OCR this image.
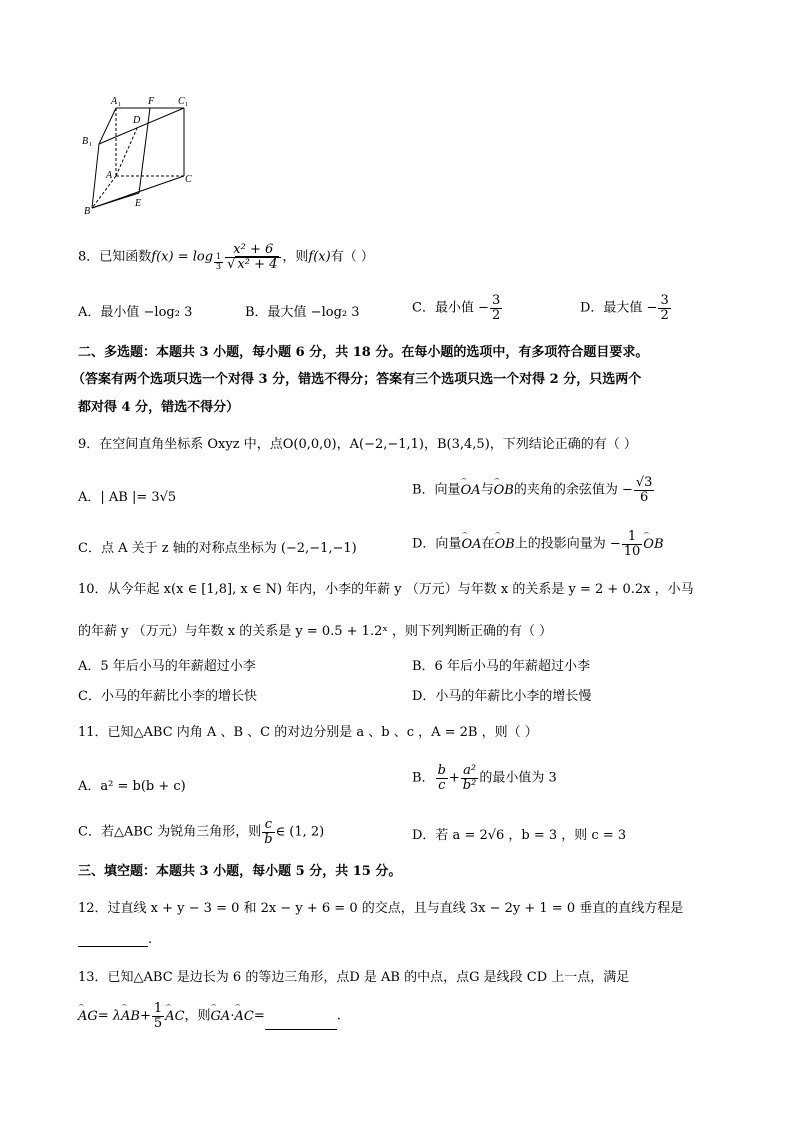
A 1	F C 1
B 1
D
A	C
B
E
8．已知函数$f(x) = \log \frac{1}{3} \frac{\text{x² + 6}}{\text{√ x² + 4}}$ ，则f(x)有（ ）
A．最小值 −log₂ 3	B．最大值 −log₂ 3	C．最小值 − $\frac{3}{2}$	D．最大值 − $\frac{3}{2}$
二、多选题：本题共 3 小题，每小题 6 分，共 18 分。在每小题的选项中，有多项符合题目要求。
（答案有两个选项只选一个对得 3 分，错选不得分；答案有三个选项只选一个对得 2 分，只选两个
都对得 4 分，错选不得分）
9．在空间直角坐标系 Oxyz 中，点O(0,0,0)，A(−2,−1,1)，B(3,4,5)，下列结论正确的有（ ）
A．| AB |= 3√5	B．向量⌢ OA与⌢ OB的夹角的余弦值为 − $\frac{√3}{6}$
C．点 A 关于 z 轴的对称点坐标为 (−2,−1,−1)	D．向量⌢ OA在⌢ OB上的投影向量为 − $\frac{1}{10}$ ⌢ OB
10．从今年起 x(x ∈ [1,8], x ∈ N) 年内，小李的年薪 y （万元）与年数 x 的关系是 y = 2 + 0.2x ，小马
的年薪 y （万元）与年数 x 的关系是 y = 0.5 + 1.2ˣ ，则下列判断正确的有（ ）
A．5 年后小马的年薪超过小李	B．6 年后小马的年薪超过小李
C．小马的年薪比小李的增长快	D．小马的年薪比小李的增长慢
11．已知△ABC 内角 A 、B 、C 的对边分别是 a 、b 、c ，A = 2B ，则（ ）
A．a² = b(b + c)
B． $\frac{b}{c} + \frac{\text{a²}}{\text{b²}}$ 的最小值为 3
C．若△ABC 为锐角三角形，则 $\frac{c}{b}$ ∈ (1, 2)	D．若 a = 2√6 ，b = 3 ，则 c = 3
三、填空题：本题共 3 小题，每小题 5 分，共 15 分。
12．过直线 x + y − 3 = 0 和 2x − y + 6 = 0 的交点，且与直线 3x − 2y + 1 = 0 垂直的直线方程是
.
13．已知△ABC 是边长为 6 的等边三角形，点D 是 AB 的中点，点G 是线段 CD 上一点，满足
⌢ AG= λ⌢ $AB+ \frac{1}{5}$ ⌢ AC，则⌢ GA·⌢ AC=	.
